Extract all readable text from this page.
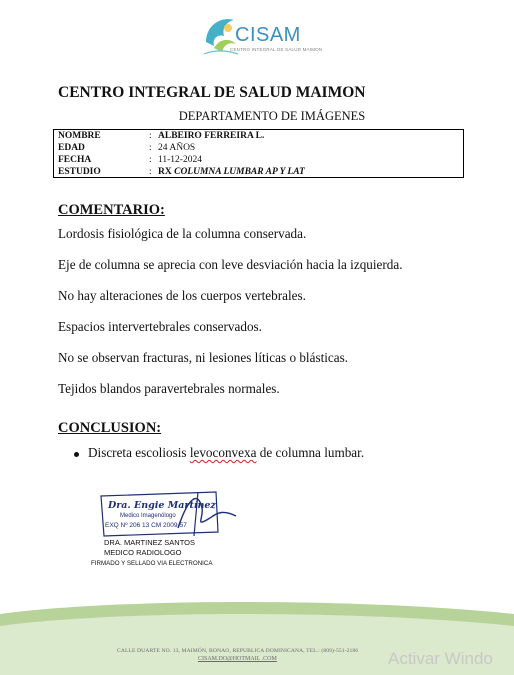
CISAM
CENTRO INTEGRAL DE SALUD MAIMON
CENTRO INTEGRAL DE SALUD MAIMON
DEPARTAMENTO DE IMÁGENES
NOMBRE	: ALBEIRO FERREIRA L.
EDAD	: 24 AÑOS
FECHA	: 11-12-2024
ESTUDIO	: RX COLUMNA LUMBAR AP Y LAT
COMENTARIO:
Lordosis fisiológica de la columna conservada.
Eje de columna se aprecia con leve desviación hacia la izquierda.
No hay alteraciones de los cuerpos vertebrales.
Espacios intervertebrales conservados.
No se observan fracturas, ni lesiones líticas o blásticas.
Tejidos blandos paravertebrales normales.
CONCLUSION:
Discreta escoliosis levoconvexa de columna lumbar.
Dra. Engie Martínez
Medico Imagenólogo
EXQ Nº 206 13 CM 2009-57
DRA. MARTINEZ SANTOS
MEDICO RADIOLOGO
FIRMADO Y SELLADO VIA ELECTRONICA
CALLE DUARTE NO. 13, MAIMÓN, BONAO, REPUBLICA DOMINICANA, TEL.: (809)-551-2186
CISAM.DO@HOTMAIL .COM	Activar Windo
